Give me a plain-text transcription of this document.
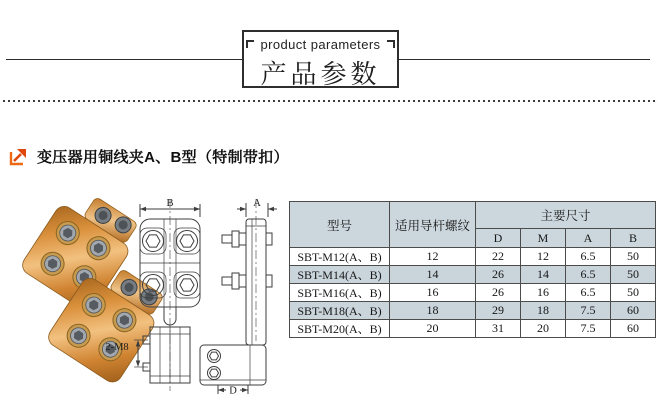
product parameters
产品参数
变压器用铜线夹A、B型（特制带扣）
B	A
D
2-M8
型号	适用导杆螺纹	主要尺寸			
		D	M	A	B
SBT-M12(A、B)	12	22	12	6.5	50
SBT-M14(A、B)	14	26	14	6.5	50
SBT-M16(A、B)	16	26	16	6.5	50
SBT-M18(A、B)	18	29	18	7.5	60
SBT-M20(A、B)	20	31	20	7.5	60
